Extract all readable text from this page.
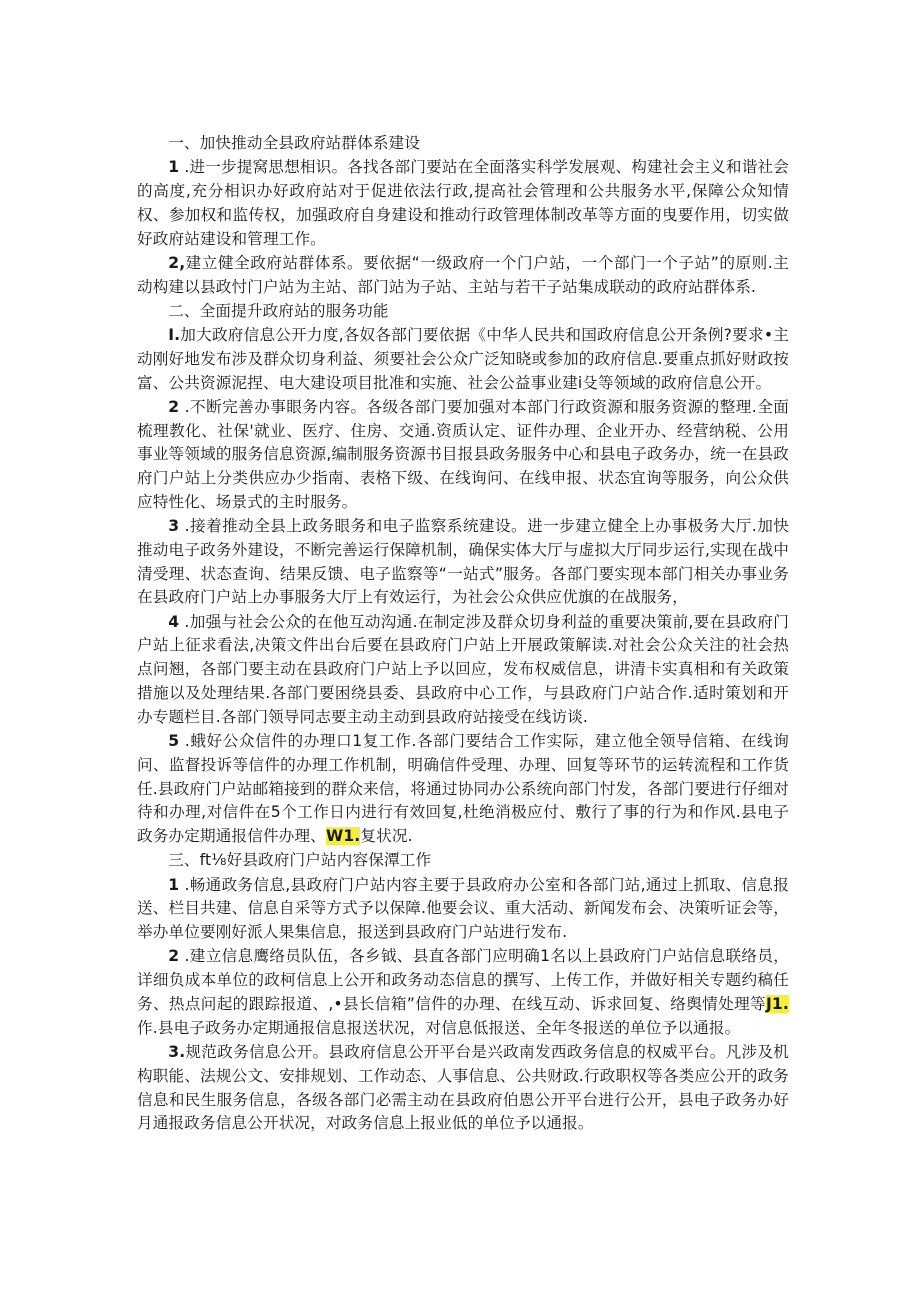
一、加快推动全县政府站群体系建设

1 .进一步提窝思想相识。各找各部门要站在全面落实科学发展观、构建社会主义和谐社会的高度,充分相识办好政府站对于促进依法行政,提高社会管理和公共服务水平,保障公众知情权、参加权和监传权，加强政府自身建设和推动行政管理体制改革等方面的曳要作用，切实做好政府站建设和管理工作。

2,建立健全政府站群体系。要依据“一级政府一个门户站，一个部门一个子站”的原则.主动构建以县政忖门户站为主站、部门站为子站、主站与若干子站集成联动的政府站群体系.

二、全面提升政府站的服务功能

I.加大政府信息公开力度,各奴各部门要依据《中华人民共和国政府信息公开条例?要求•主动刚好地发布涉及群众切身利益、须要社会公众广泛知晓或参加的政府信息.要重点抓好财政按富、公共资源泥捏、电大建设项目批准和实施、社会公益事业建i殳等领域的政府信息公开。

2 .不断完善办事眼务内容。各级各部门要加强对本部门行政资源和服务资源的整理.全面梳理教化、社保'就业、医疗、住房、交通.资质认定、证件办理、企业开办、经营纳税、公用事业等领域的服务信息资源,编制服务资源书目报县政务服务中心和县电子政务办，统一在县政府门户站上分类供应办少指南、表格下级、在线询问、在线申报、状态宜询等服务，向公众供应特性化、场景式的主时服务。

3 .接着推动全县上政务眼务和电子监察系统建设。进一步建立健全上办事极务大厅.加快推动电子政务外建设，不断完善运行保障机制，确保实体大厅与虚拟大厅同步运行,实现在战中清受理、状态查询、结果反馈、电子监察等“一站式”服务。各部门要实现本部门相关办事业务在县政府门户站上办事服务大厅上有效运行，为社会公众供应优旗的在战服务，

4 .加强与社会公众的在他互动沟通.在制定涉及群众切身利益的重要决策前,要在县政府门户站上征求看法,决策文件出台后要在县政府门户站上开展政策解读.对社会公众关注的社会热点问翘，各部门要主动在县政府门户站上予以回应，发布权威信息，讲清卡实真相和有关政策措施以及处理结果.各部门要困绕县委、县政府中心工作，与县政府门户站合作.适时策划和开办专题栏目.各部门领导同志要主动主动到县政府站接受在线访谈.

5 .蛾好公众信件的办理口1复工作.各部门要结合工作实际，建立他全领导信箱、在线询问、监督投诉等信件的办理工作机制，明确信件受理、办理、回复等环节的运转流程和工作货任.县政府门户站邮箱接到的群众来信，将通过协同办公系统向部门忖发，各部门要进行仔细对待和办理,对信件在5个工作日内进行有效回复,杜绝消极应付、敷行了事的行为和作风.县电子政务办定期通报信件办理、W1.复状况.

三、ft⅛好县政府门户站内容保潭工作

1 .畅通政务信息,县政府门户站内容主要于县政府办公室和各部门站,通过上抓取、信息报送、栏目共建、信息自采等方式予以保障.他要会议、重大活动、新闻发布会、决策听证会等，举办单位要刚好派人果集信息，报送到县政府门户站进行发布.

2 .建立信息鹰络员队伍，各乡钺、县直各部门应明确1名以上县政府门户站信息联络员，详细负成本单位的政柯信息上公开和政务动态信息的撰写、上传工作，并做好相关专题约稿任务、热点问起的跟踪报道、,•县长信箱”信件的办理、在线互动、诉求回复、络舆情处理等J1.作.县电子政务办定期通报信息报送状况，对信息低报送、全年冬报送的单位予以通报。

3.规范政务信息公开。县政府信息公开平台是兴政南发西政务信息的权威平台。凡涉及机构职能、法规公文、安排规划、工作动态、人事信息、公共财政.行政职权等各类应公开的政务信息和民生服务信息，各级各部门必需主动在县政府伯恩公开平台进行公开，县电子政务办好月通报政务信息公开状况，对政务信息上报业低的单位予以通报。
